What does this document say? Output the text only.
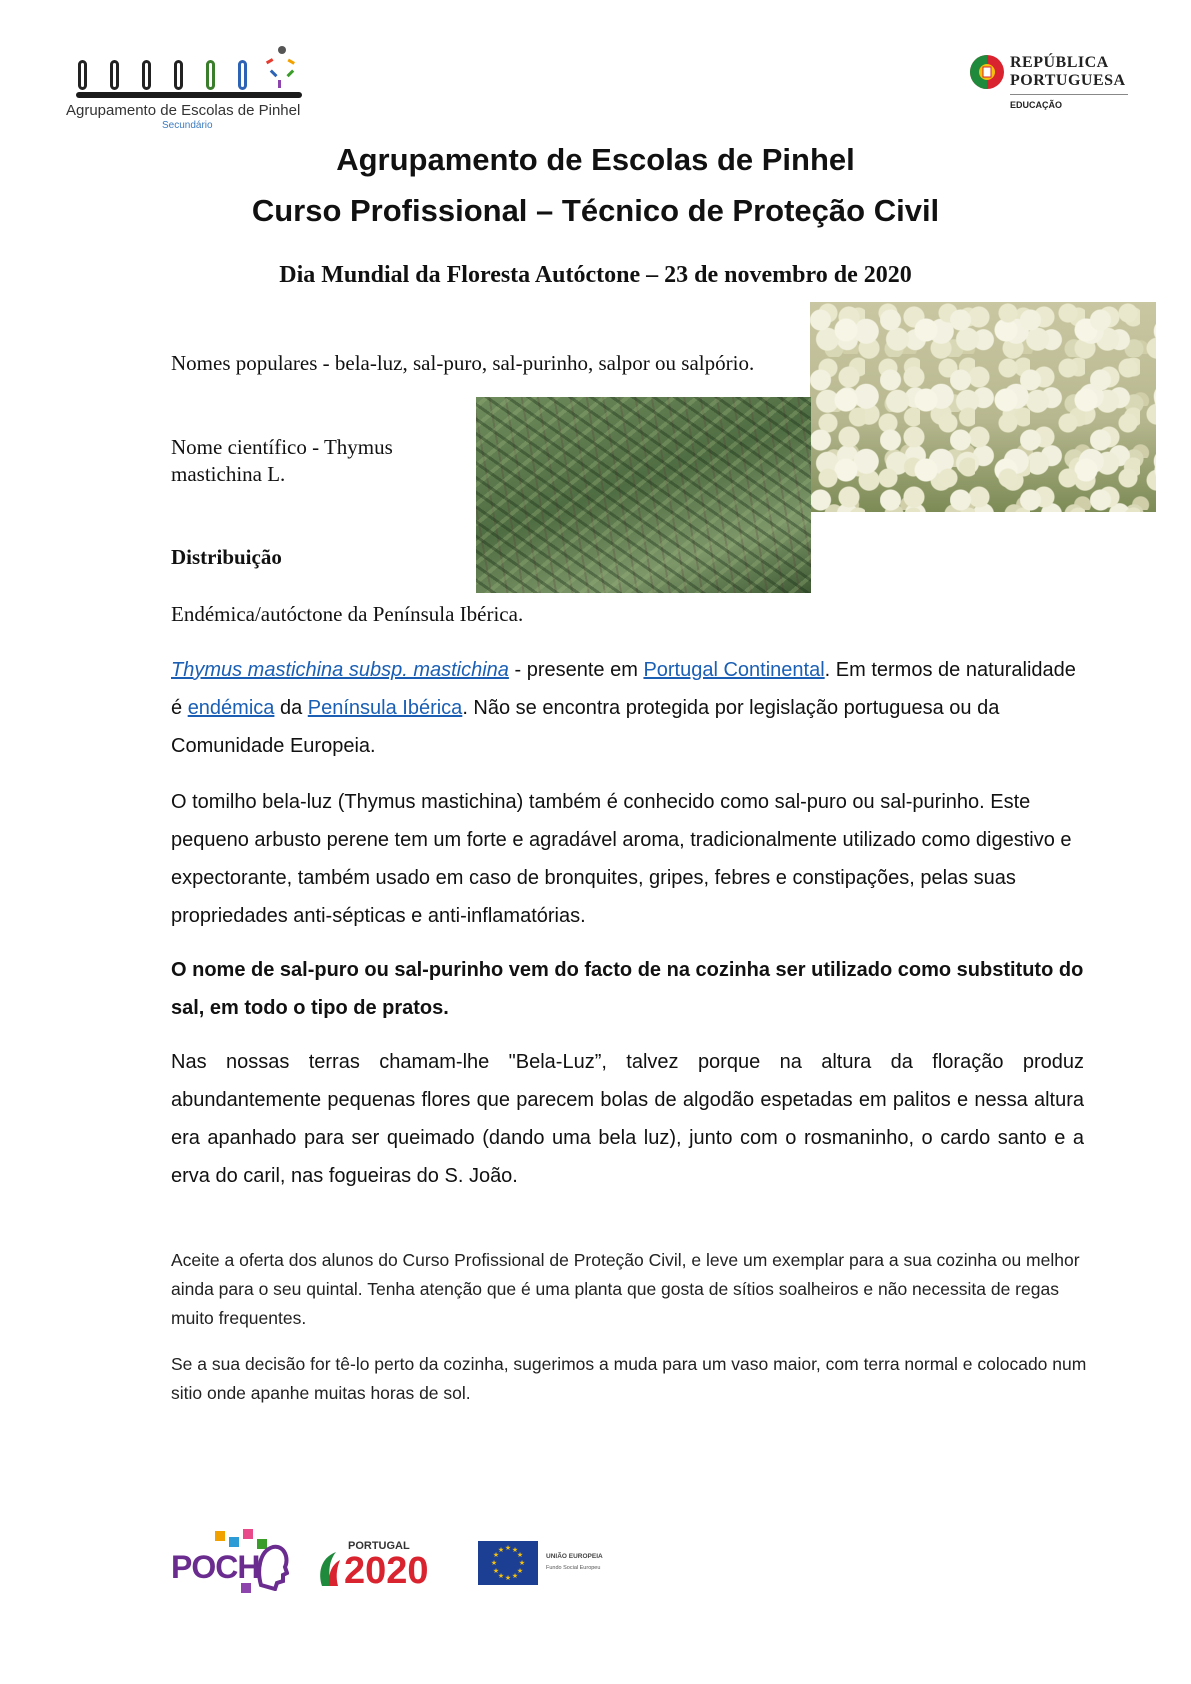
Agrupamento de Escolas de Pinhel
Secundário
REPÚBLICA
PORTUGUESA
EDUCAÇÃO
Agrupamento de Escolas de Pinhel
Curso Profissional – Técnico de Proteção Civil
Dia Mundial da Floresta Autóctone – 23 de novembro de 2020
Nomes populares - bela-luz, sal-puro, sal-purinho, salpor ou salpório.
Nome científico - Thymus mastichina L.
Distribuição
Endémica/autóctone da Península Ibérica.
Thymus mastichina subsp. mastichina - presente em Portugal Continental. Em termos de naturalidade é endémica da Península Ibérica. Não se encontra protegida por legislação portuguesa ou da Comunidade Europeia.
O tomilho bela-luz (Thymus mastichina) também é conhecido como sal-puro ou sal-purinho. Este pequeno arbusto perene tem um forte e agradável aroma, tradicionalmente utilizado como digestivo e expectorante, também usado em caso de bronquites, gripes, febres e constipações, pelas suas propriedades anti-sépticas e anti-inflamatórias.
O nome de sal-puro ou sal-purinho vem do facto de na cozinha ser utilizado como substituto do sal, em todo o tipo de pratos.
Nas nossas terras chamam-lhe "Bela-Luz”, talvez porque na altura da floração produz abundantemente pequenas flores que parecem bolas de algodão espetadas em palitos e nessa altura era apanhado para ser queimado (dando uma bela luz), junto com o rosmaninho, o cardo santo e a erva do caril, nas fogueiras do S. João.
Aceite a oferta dos alunos do Curso Profissional de Proteção Civil, e leve um exemplar para a sua cozinha ou melhor ainda para o seu quintal. Tenha atenção que é uma planta que gosta de sítios soalheiros e não necessita de regas muito frequentes.
Se a sua decisão for tê-lo perto da cozinha, sugerimos a muda para um vaso maior, com terra normal e colocado num sitio onde apanhe muitas horas de sol.
POCH
PORTUGAL
2020
★ ★
★
★
★
★
★
★
★
★
★
★
UNIÃO EUROPEIA
Fundo Social Europeu
